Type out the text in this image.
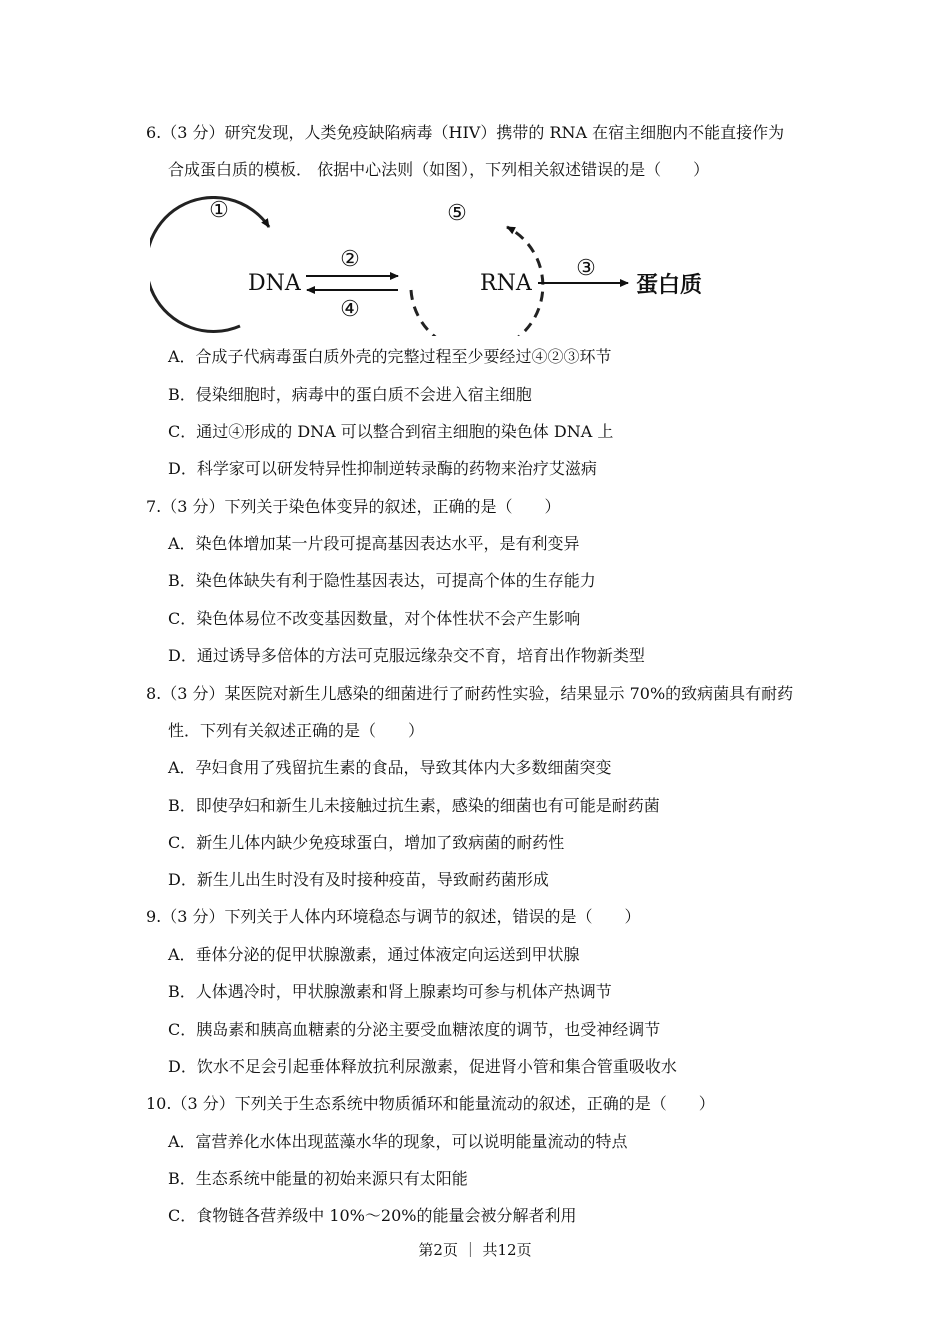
6.（3 分）研究发现，人类免疫缺陷病毒（HIV）携带的 RNA 在宿主细胞内不能直接作为
合成蛋白质的模板． 依据中心法则（如图），下列相关叙述错误的是（　　）
①
DNA
②
④
⑤
RNA
③
蛋白质
A．合成子代病毒蛋白质外壳的完整过程至少要经过④②③环节
B．侵染细胞时，病毒中的蛋白质不会进入宿主细胞
C．通过④形成的 DNA 可以整合到宿主细胞的染色体 DNA 上
D．科学家可以研发特异性抑制逆转录酶的药物来治疗艾滋病
7.（3 分）下列关于染色体变异的叙述，正确的是（　　）
A．染色体增加某一片段可提高基因表达水平，是有利变异
B．染色体缺失有利于隐性基因表达，可提高个体的生存能力
C．染色体易位不改变基因数量，对个体性状不会产生影响
D．通过诱导多倍体的方法可克服远缘杂交不育，培育出作物新类型
8.（3 分）某医院对新生儿感染的细菌进行了耐药性实验，结果显示 70%的致病菌具有耐药
性．下列有关叙述正确的是（　　）
A．孕妇食用了残留抗生素的食品，导致其体内大多数细菌突变
B．即使孕妇和新生儿未接触过抗生素，感染的细菌也有可能是耐药菌
C．新生儿体内缺少免疫球蛋白，增加了致病菌的耐药性
D．新生儿出生时没有及时接种疫苗，导致耐药菌形成
9.（3 分）下列关于人体内环境稳态与调节的叙述，错误的是（　　）
A．垂体分泌的促甲状腺激素，通过体液定向运送到甲状腺
B．人体遇冷时，甲状腺激素和肾上腺素均可参与机体产热调节
C．胰岛素和胰高血糖素的分泌主要受血糖浓度的调节，也受神经调节
D．饮水不足会引起垂体释放抗利尿激素，促进肾小管和集合管重吸收水
10.（3 分）下列关于生态系统中物质循环和能量流动的叙述，正确的是（　　）
A．富营养化水体出现蓝藻水华的现象，可以说明能量流动的特点
B．生态系统中能量的初始来源只有太阳能
C．食物链各营养级中 10%～20%的能量会被分解者利用
第2页 ｜ 共12页
